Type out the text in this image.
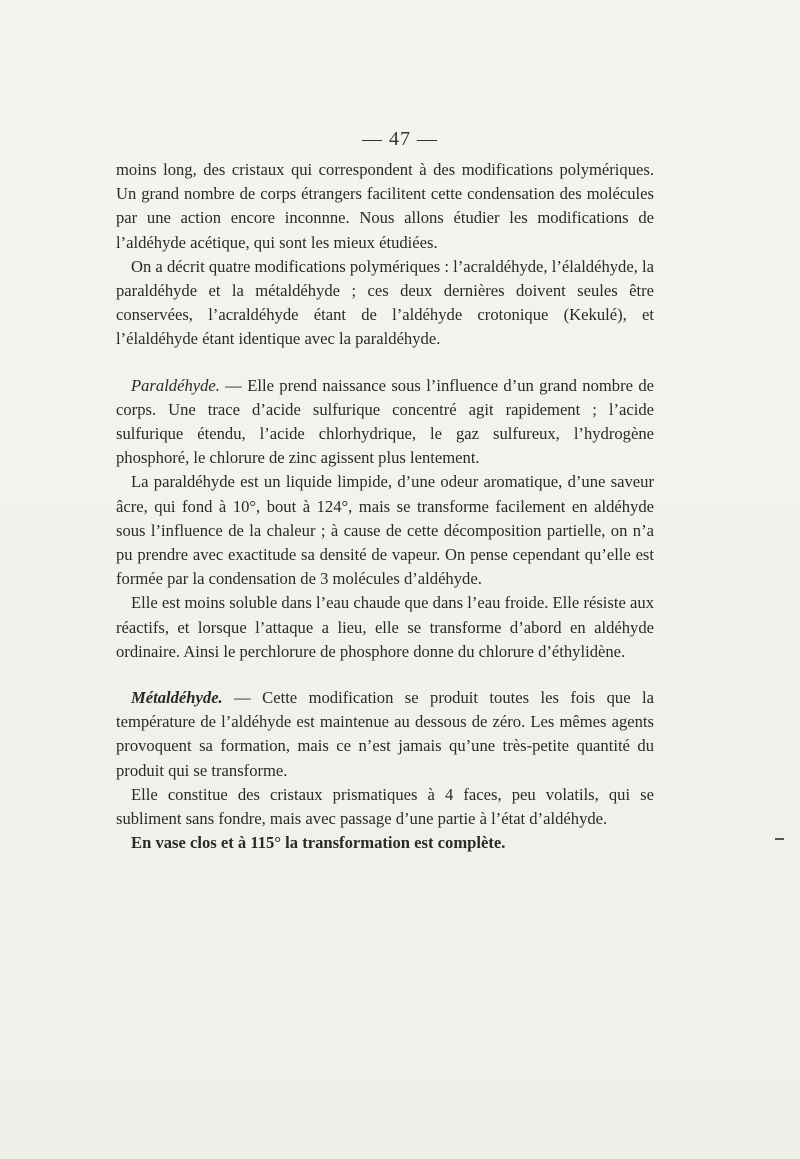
— 47 —

moins long, des cristaux qui correspondent à des modifications polymériques. Un grand nombre de corps étrangers facilitent cette condensation des molécules par une action encore inconnne. Nous allons étudier les modifications de l’aldéhyde acétique, qui sont les mieux étudiées.

On a décrit quatre modifications polymériques : l’acraldéhyde, l’élaldéhyde, la paraldéhyde et la métaldéhyde ; ces deux dernières doivent seules être conservées, l’acraldéhyde étant de l’aldéhyde crotonique (Kekulé), et l’élaldéhyde étant identique avec la paraldéhyde.

Paraldéhyde. — Elle prend naissance sous l’influence d’un grand nombre de corps. Une trace d’acide sulfurique concentré agit rapidement ; l’acide sulfurique étendu, l’acide chlorhydrique, le gaz sulfureux, l’hydrogène phosphoré, le chlorure de zinc agissent plus lentement.

La paraldéhyde est un liquide limpide, d’une odeur aromatique, d’une saveur âcre, qui fond à 10°, bout à 124°, mais se transforme facilement en aldéhyde sous l’influence de la chaleur ; à cause de cette décomposition partielle, on n’a pu prendre avec exactitude sa densité de vapeur. On pense cependant qu’elle est formée par la condensation de 3 molécules d’aldéhyde.

Elle est moins soluble dans l’eau chaude que dans l’eau froide. Elle résiste aux réactifs, et lorsque l’attaque a lieu, elle se transforme d’abord en aldéhyde ordinaire. Ainsi le perchlorure de phosphore donne du chlorure d’éthylidène.

Métaldéhyde. — Cette modification se produit toutes les fois que la température de l’aldéhyde est maintenue au dessous de zéro. Les mêmes agents provoquent sa formation, mais ce n’est jamais qu’une très-petite quantité du produit qui se transforme.

Elle constitue des cristaux prismatiques à 4 faces, peu volatils, qui se subliment sans fondre, mais avec passage d’une partie à l’état d’aldéhyde.

En vase clos et à 115° la transformation est complète.
